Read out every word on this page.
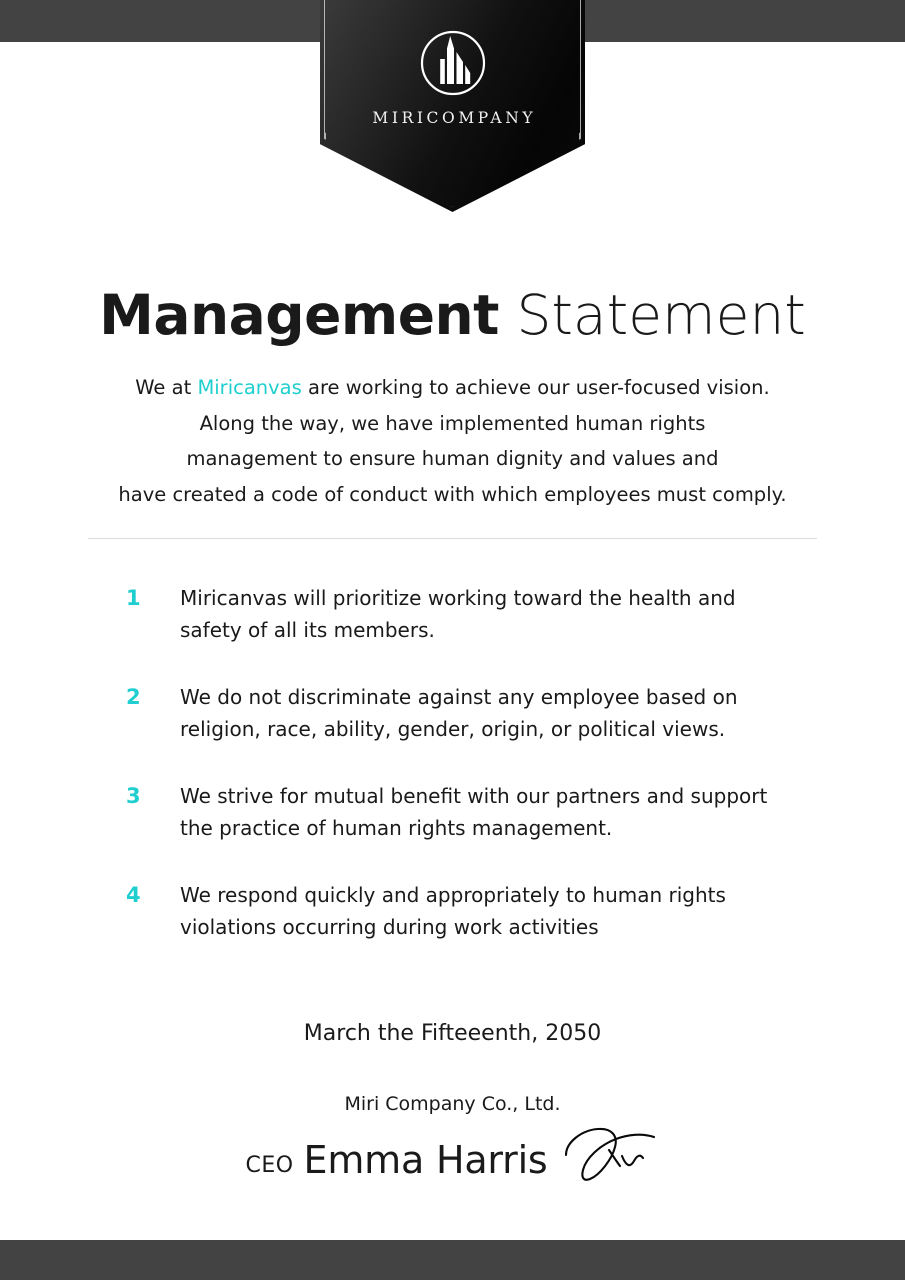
MIRICOMPANY
Management Statement
We at Miricanvas are working to achieve our user-focused vision.
Along the way, we have implemented human rights
management to ensure human dignity and values and
have created a code of conduct with which employees must comply.
1	Miricanvas will prioritize working toward the health and safety of all its members.
2	We do not discriminate against any employee based on religion, race, ability, gender, origin, or political views.
3	We strive for mutual benefit with our partners and support the practice of human rights management.
4	We respond quickly and appropriately to human rights violations occurring during work activities
March the Fifteeenth, 2050
Miri Company Co., Ltd.
CEO Emma Harris
